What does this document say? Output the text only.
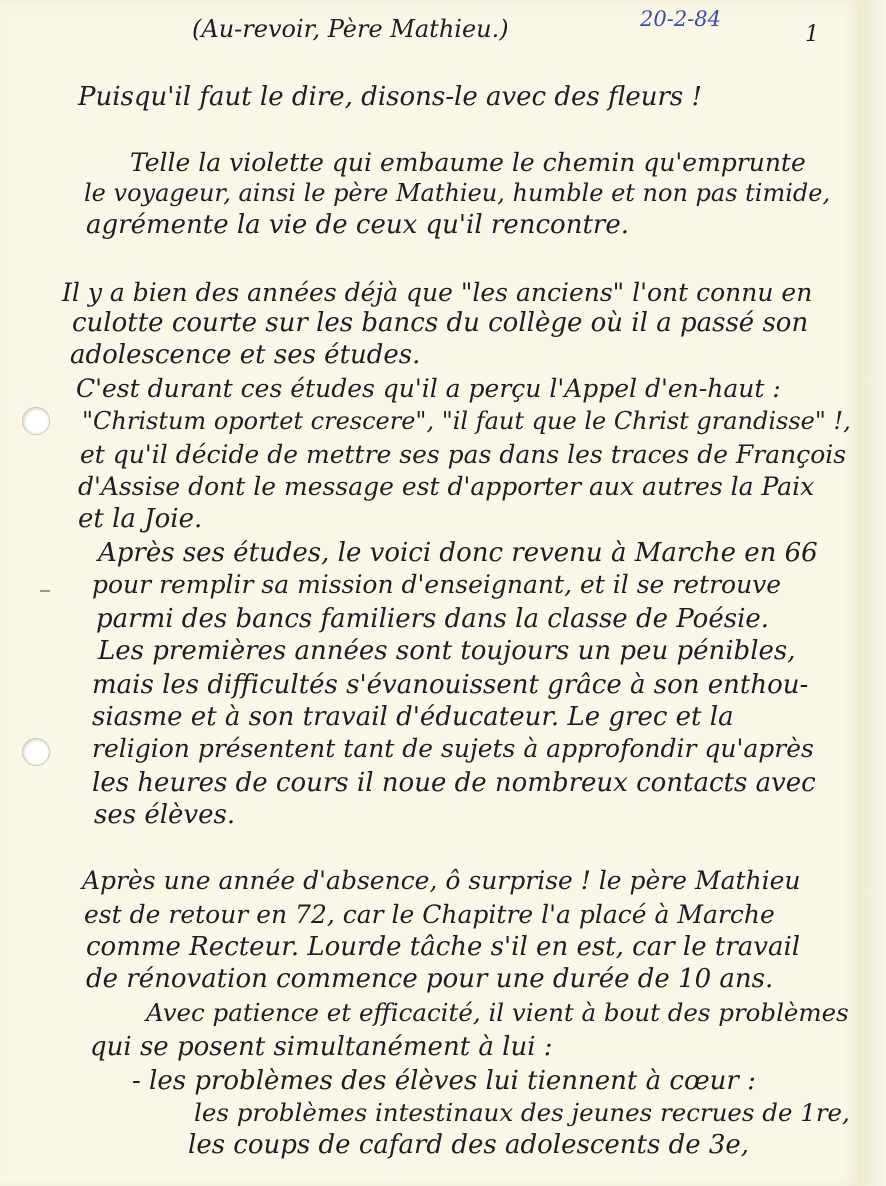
(Au-revoir, Père Mathieu.)	20-2-84

1

Puisqu'il faut le dire, disons-le avec des fleurs !

Telle la violette qui embaume le chemin qu'emprunte

le voyageur, ainsi le père Mathieu, humble et non pas timide,

agrémente la vie de ceux qu'il rencontre.

Il y a bien des années déjà que "les anciens" l'ont connu en

culotte courte sur les bancs du collège où il a passé son

adolescence et ses études.

C'est durant ces études qu'il a perçu l'Appel d'en-haut :

"Christum oportet crescere", "il faut que le Christ grandisse" !,

et qu'il décide de mettre ses pas dans les traces de François

d'Assise dont le message est d'apporter aux autres la Paix

et la Joie.

Après ses études, le voici donc revenu à Marche en 66

pour remplir sa mission d'enseignant, et il se retrouve

parmi des bancs familiers dans la classe de Poésie.

Les premières années sont toujours un peu pénibles,

mais les difficultés s'évanouissent grâce à son enthou-

siasme et à son travail d'éducateur. Le grec et la

religion présentent tant de sujets à approfondir qu'après

les heures de cours il noue de nombreux contacts avec

ses élèves.

Après une année d'absence, ô surprise ! le père Mathieu

est de retour en 72, car le Chapitre l'a placé à Marche

comme Recteur. Lourde tâche s'il en est, car le travail

de rénovation commence pour une durée de 10 ans.

Avec patience et efficacité, il vient à bout des problèmes

qui se posent simultanément à lui :

- les problèmes des élèves lui tiennent à cœur :

les problèmes intestinaux des jeunes recrues de 1re,

les coups de cafard des adolescents de 3e,
